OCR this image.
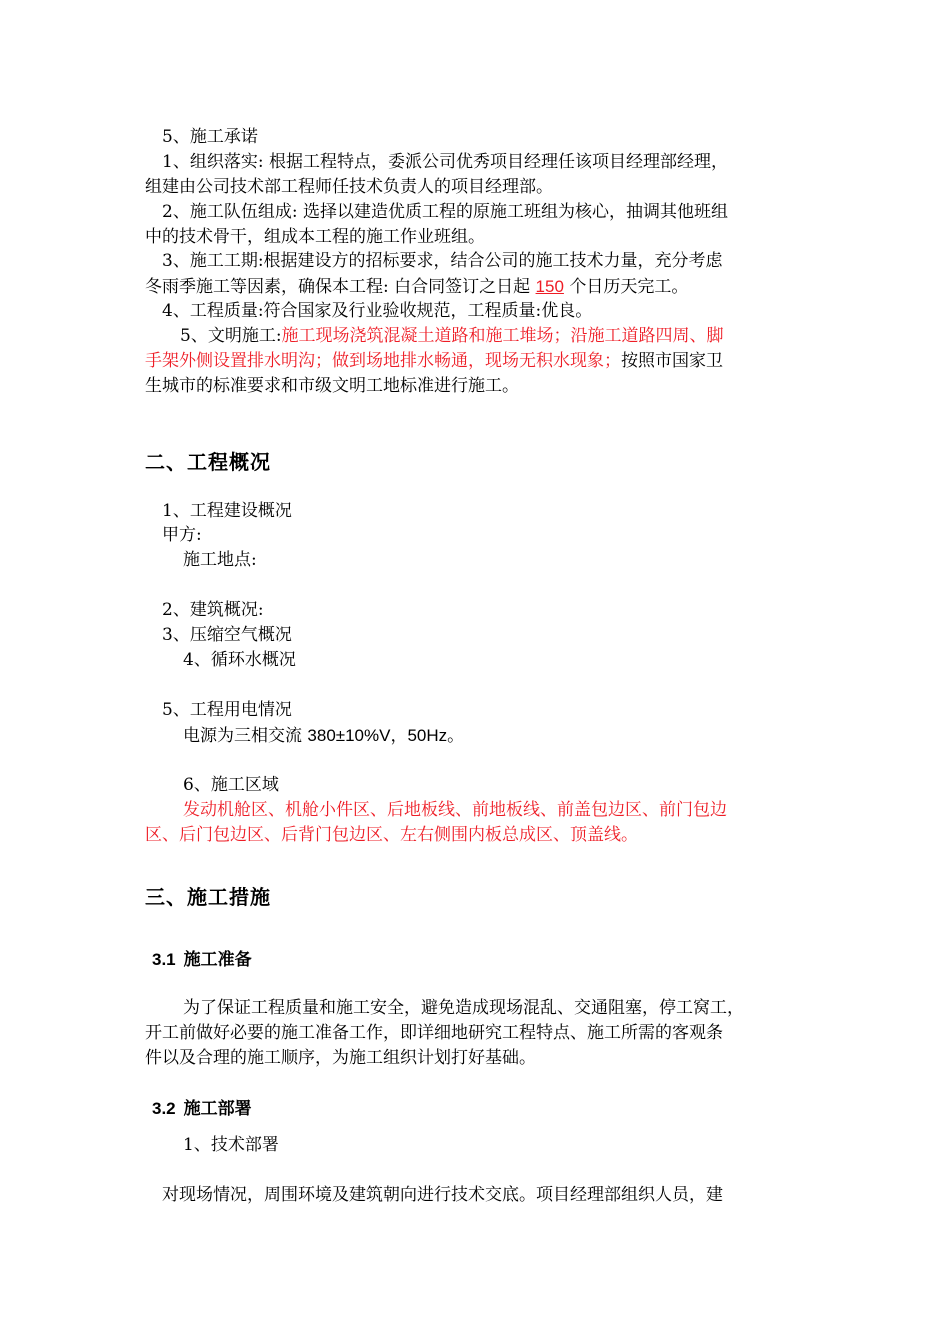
5、施工承诺

1、组织落实: 根据工程特点，委派公司优秀项目经理任该项目经理部经理，

组建由公司技术部工程师任技术负责人的项目经理部。

2、施工队伍组成: 选择以建造优质工程的原施工班组为核心，抽调其他班组

中的技术骨干，组成本工程的施工作业班组。

3、施工工期:根据建设方的招标要求，结合公司的施工技术力量，充分考虑

冬雨季施工等因素，确保本工程: 白合同签订之日起 150 个日历天完工。

4、工程质量:符合国家及行业验收规范，工程质量:优良。

5、文明施工:施工现场浇筑混凝土道路和施工堆场；沿施工道路四周、脚

手架外侧设置排水明沟；做到场地排水畅通，现场无积水现象；按照市国家卫

生城市的标准要求和市级文明工地标准进行施工。

二、工程概况

1、工程建设概况

甲方:

施工地点:

2、建筑概况:

3、压缩空气概况

4、循环水概况

5、工程用电情况

电源为三相交流 380±10%V，50Hz。

6、施工区域

发动机舱区、机舱小件区、后地板线、前地板线、前盖包边区、前门包边

区、后门包边区、后背门包边区、左右侧围内板总成区、顶盖线。

三、施工措施

3.1 施工准备

为了保证工程质量和施工安全，避免造成现场混乱、交通阻塞，停工窝工，

开工前做好必要的施工准备工作，即详细地研究工程特点、施工所需的客观条

件以及合理的施工顺序，为施工组织计划打好基础。

3.2 施工部署

1、技术部署

对现场情况，周围环境及建筑朝向进行技术交底。项目经理部组织人员，建
